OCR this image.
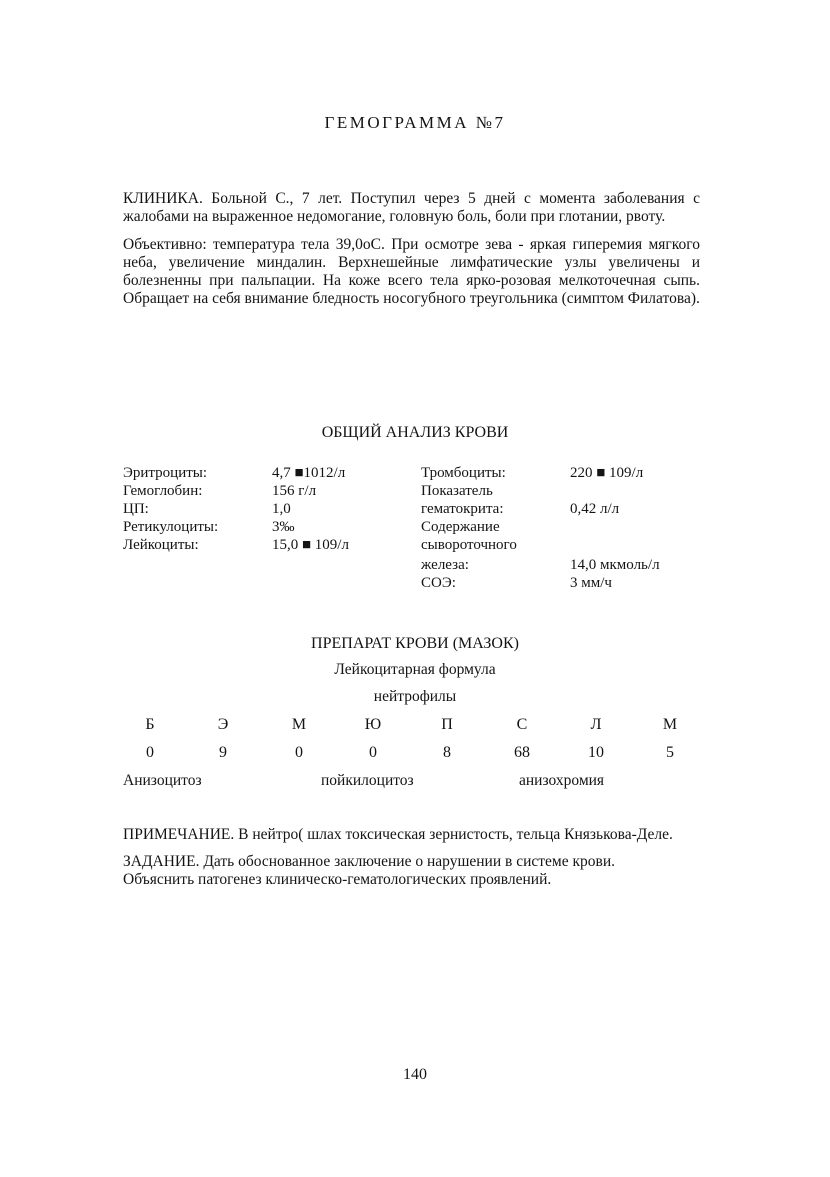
ГЕМОГРАММА №7
КЛИНИКА. Больной С., 7 лет. Поступил через 5 дней с момента заболевания с жалобами на выраженное недомогание, головную боль, боли при глотании, рвоту.
Объективно: температура тела 39,0оС. При осмотре зева - яркая гиперемия мягкого неба, увеличение миндалин. Верхнешейные лимфатические узлы увеличены и болезненны при пальпации. На коже всего тела ярко-розовая мелкоточечная сыпь. Обращает на себя внимание бледность носогубного треугольника (симптом Филатова).
ОБЩИЙ АНАЛИЗ КРОВИ
Эритроциты:	4,7 ■1012/л
Гемоглобин:	156 г/л
ЦП:	1,0
Ретикулоциты:	3‰
Лейкоциты:	15,0 ■ 109/л
Тромбоциты:	220 ■ 109/л
Показатель
гематокрита:	0,42 л/л
Содержание
сывороточного
железа:	14,0 мкмоль/л
СОЭ:	3 мм/ч
ПРЕПАРАТ КРОВИ (МАЗОК)
Лейкоцитарная формула
нейтрофилы
Б	Э	М	Ю	П	С	Л	М
0	9	0	0	8	68	10	5
Анизоцитоз	пойкилоцитоз	анизохромия
ПРИМЕЧАНИЕ. В нейтро( шлах токсическая зернистость, тельца Князькова-Деле.
ЗАДАНИЕ. Дать обоснованное заключение о нарушении в системе крови.
Объяснить патогенез клиническо-гематологических проявлений.
140
